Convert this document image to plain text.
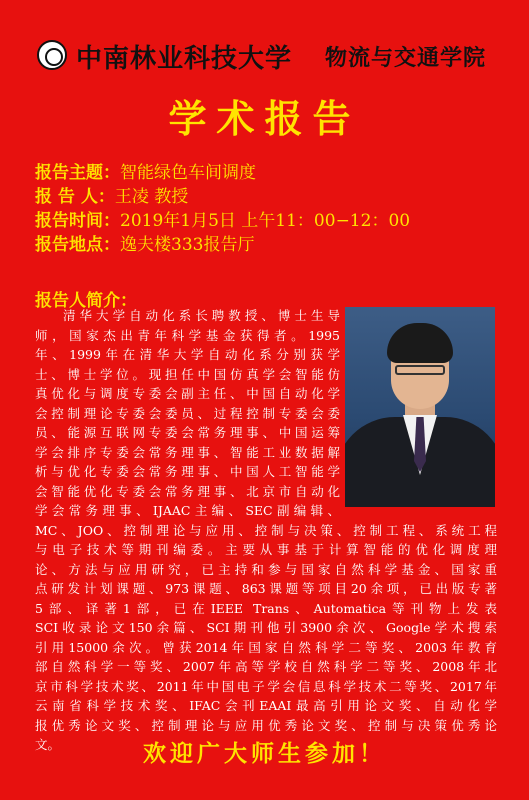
中南林业科技大学 物流与交通学院
学术报告
报告主题： 智能绿色车间调度
报 告 人： 王凌 教授
报告时间： 2019年1月5日 上午11：00−12：00
报告地点： 逸夫楼333报告厅
报告人简介：
清华大学自动化系长聘教授、博士生导
师，国家杰出青年科学基金获得者。1995
年、1999年在清华大学自动化系分别获学
士、博士学位。现担任中国仿真学会智能仿
真优化与调度专委会副主任、中国自动化学
会控制理论专委会委员、过程控制专委会委
员、能源互联网专委会常务理事、中国运筹
学会排序专委会常务理事、智能工业数据解
析与优化专委会常务理事、中国人工智能学
会智能优化专委会常务理事、北京市自动化
学会常务理事、IJAAC主编、SEC副编辑、
MC、JOO、控制理论与应用、控制与决策、控制工程、系统工程
与电子技术等期刊编委。主要从事基于计算智能的优化调度理
论、方法与应用研究，已主持和参与国家自然科学基金、国家重
点研发计划课题、973课题、863课题等项目20余项，已出版专著
5部、译著1部，已在IEEE Trans、Automatica等刊物上发表
SCI收录论文150余篇、SCI期刊他引3900余次、Google学术搜索
引用15000余次。曾获2014年国家自然科学二等奖、2003年教育
部自然科学一等奖、2007年高等学校自然科学二等奖、2008年北
京市科学技术奖、2011年中国电子学会信息科学技术二等奖、2017年
云南省科学技术奖、IFAC会刊EAAI最高引用论文奖、自动化学
报优秀论文奖、控制理论与应用优秀论文奖、控制与决策优秀论
文。	欢迎广大师生参加！
